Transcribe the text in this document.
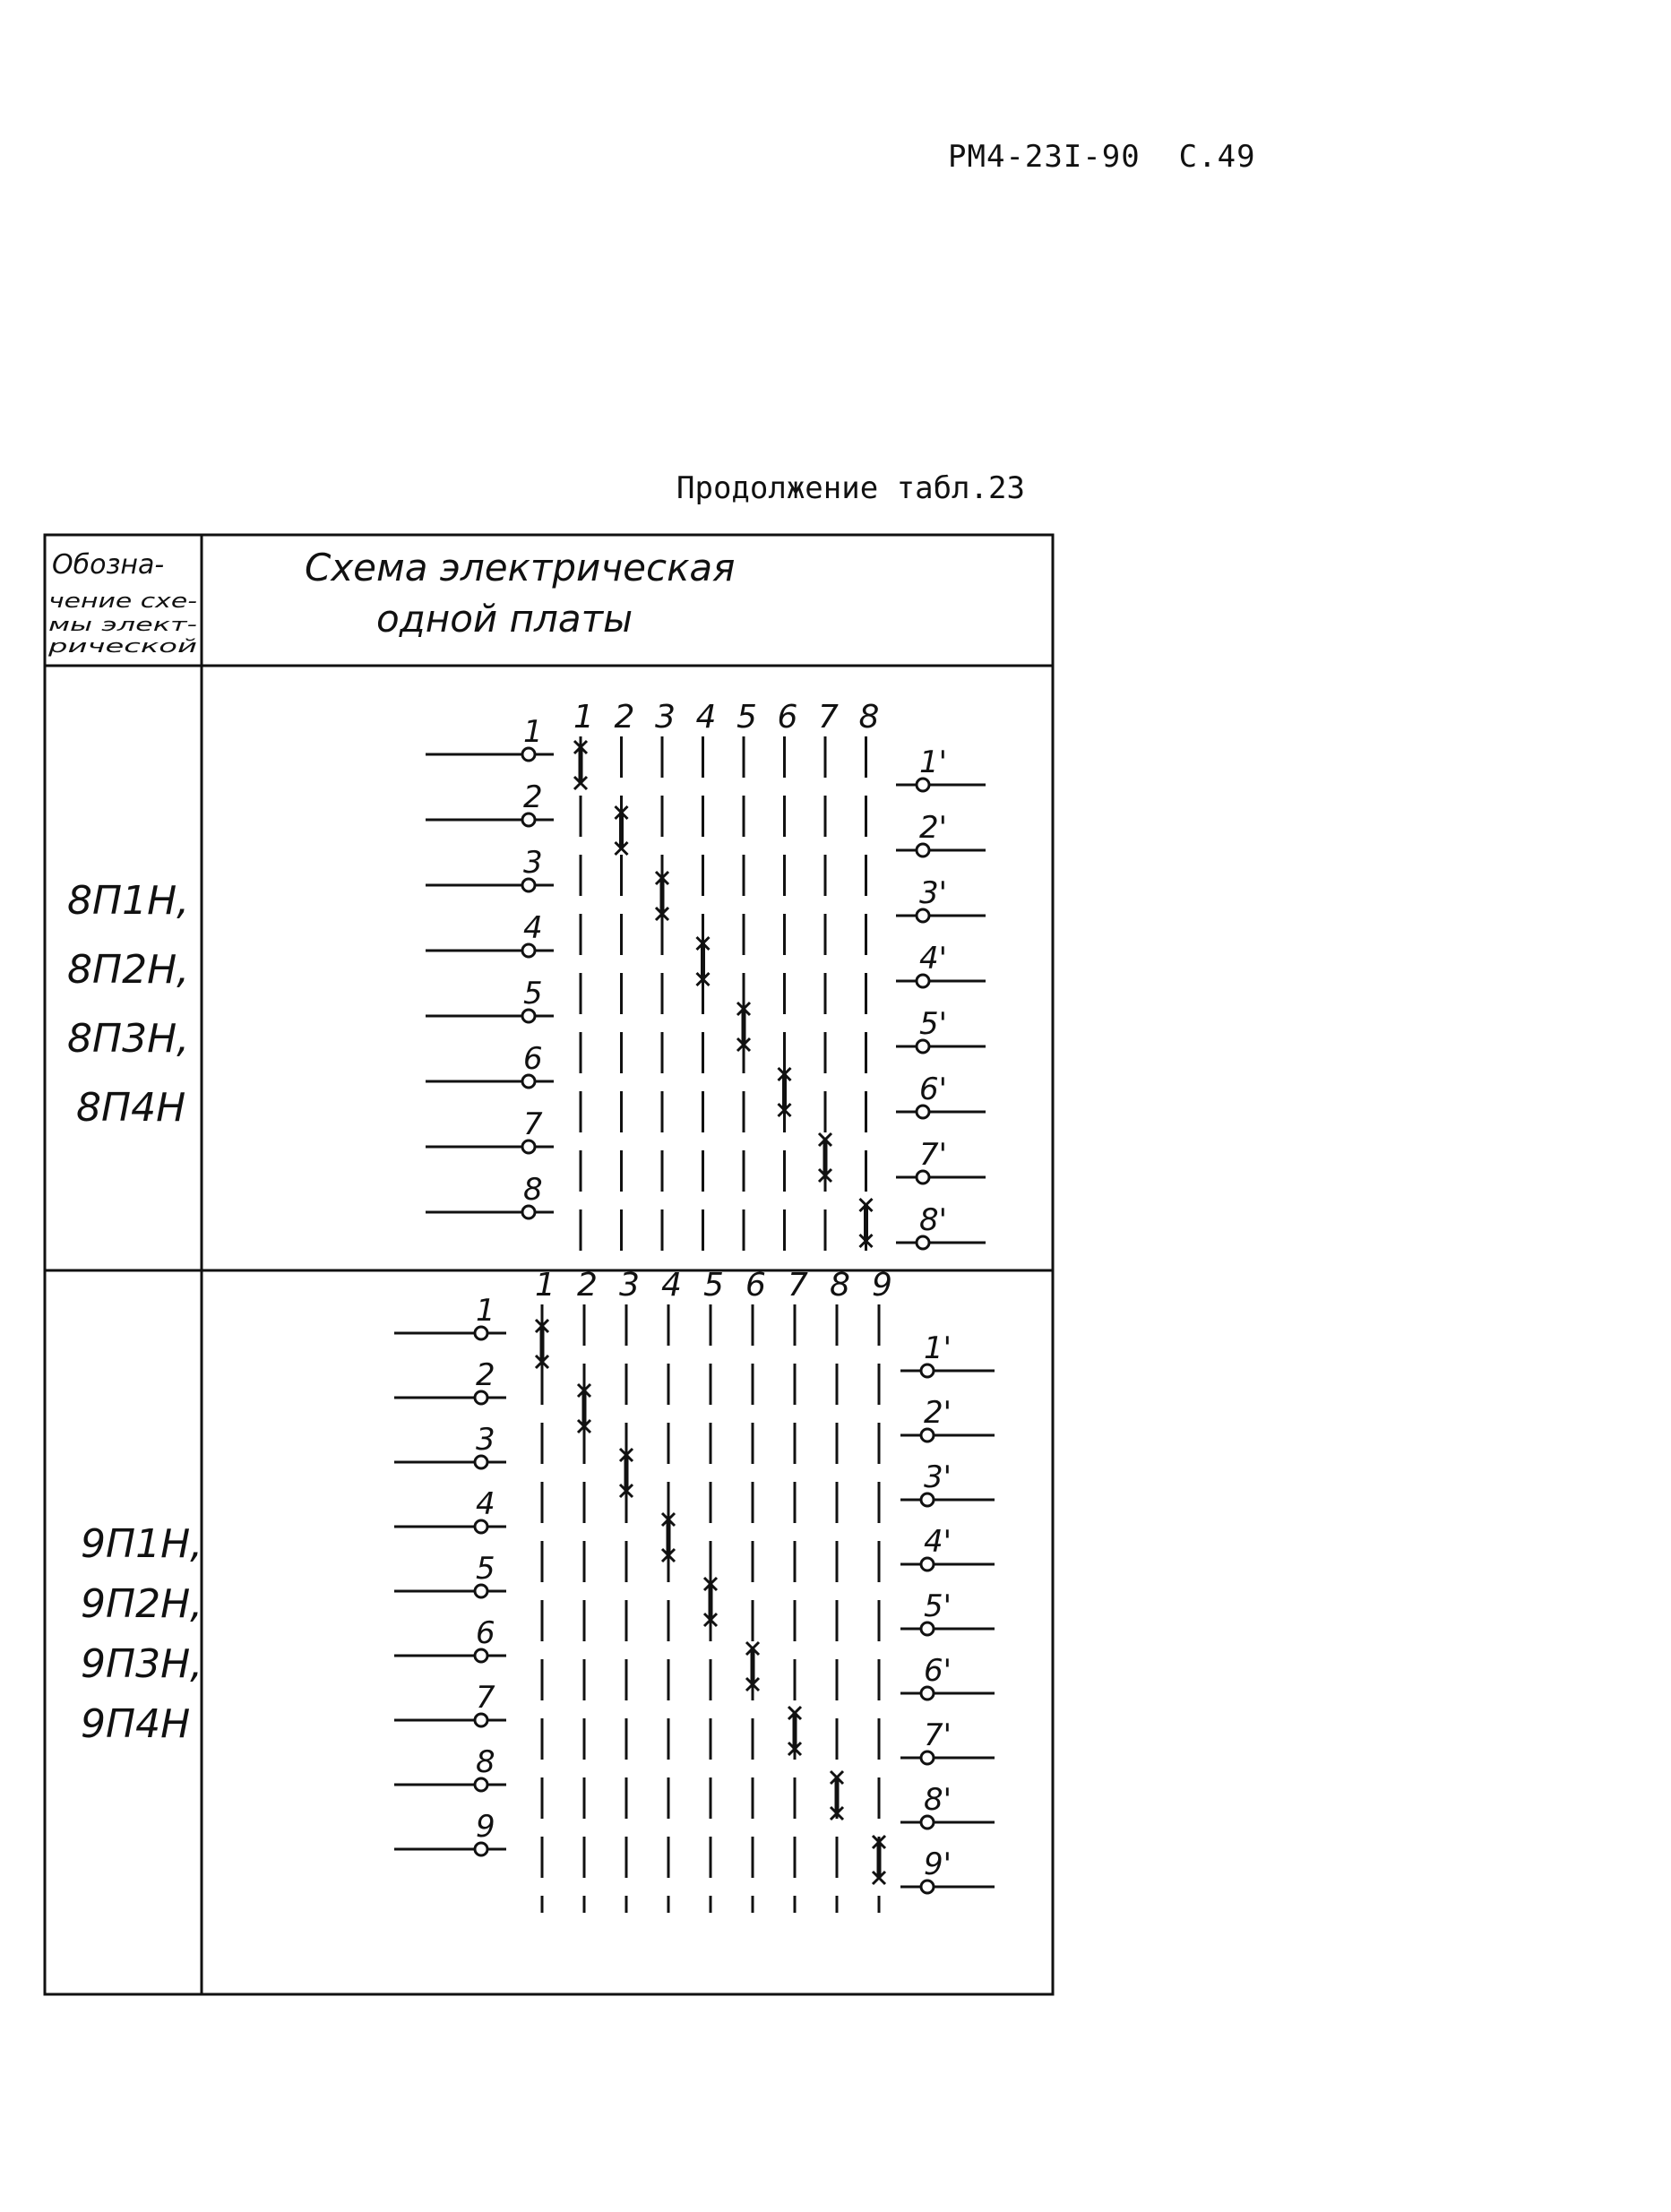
РМ4-23I-90 С.49
Продолжение табл.23
Обозна-
чение схе-
мы элект-
рической
Схема электрическая
одной платы
8П1Н,
8П2Н,
8П3Н,
8П4Н
9П1Н,
9П2Н,
9П3Н,
9П4Н
1
1
1'
2
2
2'
3
3
3'
4
4
4'
5
5
5'
6
6
6'
7
7
7'
8
8
8'
1
1
1'
2
2
2'
3
3
3'
4
4
4'
5
5
5'
6
6
6'
7
7
7'
8
8
8'
9
9
9'
